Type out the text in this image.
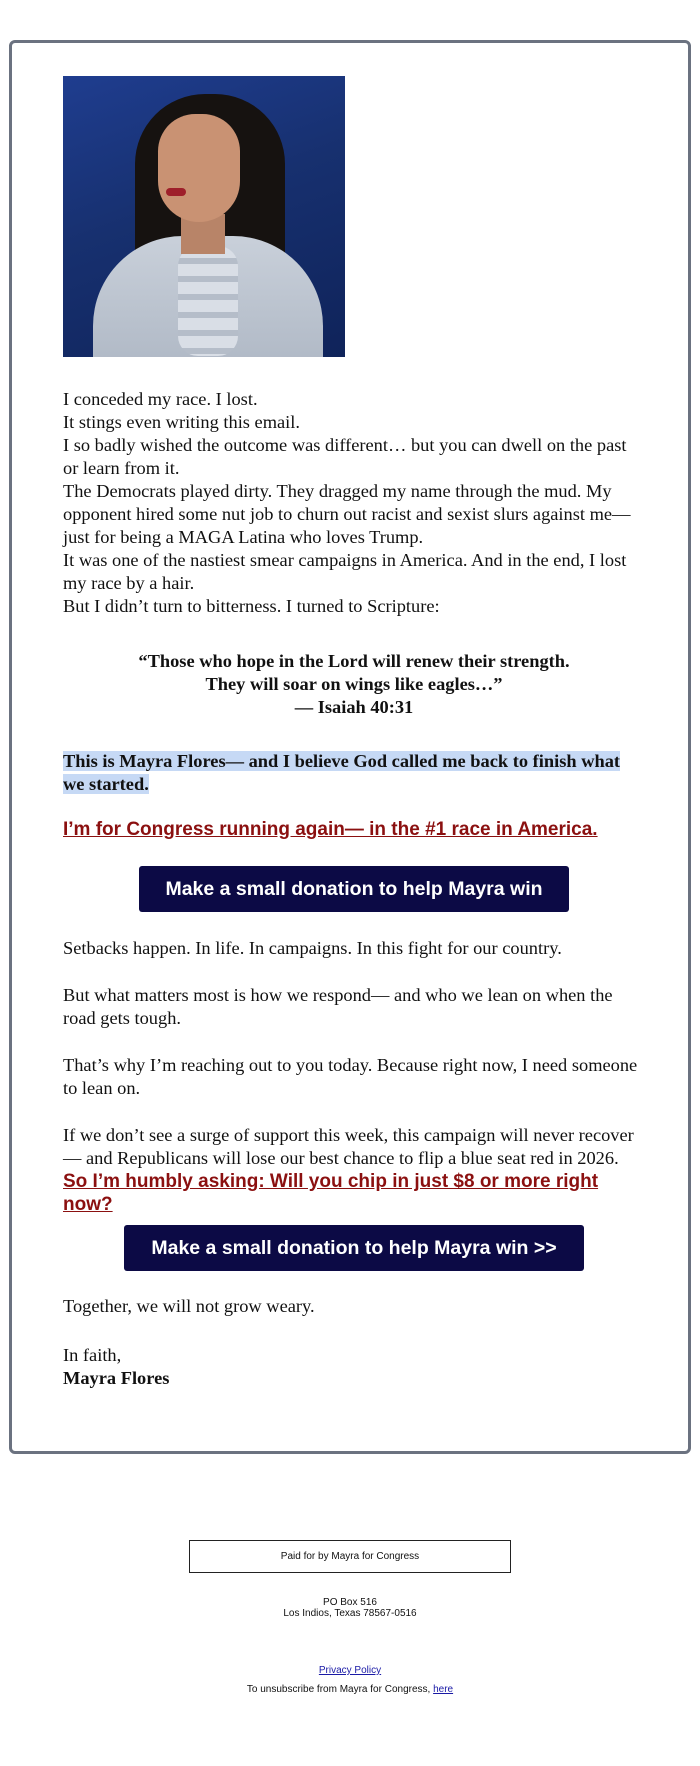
I conceded my race. I lost.

It stings even writing this email.

I so badly wished the outcome was different… but you can dwell on the past or learn from it.

The Democrats played dirty. They dragged my name through the mud. My opponent hired some nut job to churn out racist and sexist slurs against me— just for being a MAGA Latina who loves Trump.

It was one of the nastiest smear campaigns in America. And in the end, I lost my race by a hair.

But I didn’t turn to bitterness. I turned to Scripture:

“Those who hope in the Lord will renew their strength.
They will soar on wings like eagles…”
— Isaiah 40:31
This is Mayra Flores— and I believe God called me back to finish what we started.
I’m for Congress running again— in the #1 race in America.
Make a small donation to help Mayra win

Setbacks happen. In life. In campaigns. In this fight for our country.

But what matters most is how we respond— and who we lean on when the road gets tough.

That’s why I’m reaching out to you today. Because right now, I need someone to lean on.

If we don’t see a surge of support this week, this campaign will never recover— and Republicans will lose our best chance to flip a blue seat red in 2026.

So I’m humbly asking: Will you chip in just $8 or more right now?
Make a small donation to help Mayra win >>

Together, we will not grow weary.

In faith,

Mayra Flores

Paid for by Mayra for Congress
PO Box 516
Los Indios, Texas 78567-0516
Privacy Policy
To unsubscribe from Mayra for Congress, here
